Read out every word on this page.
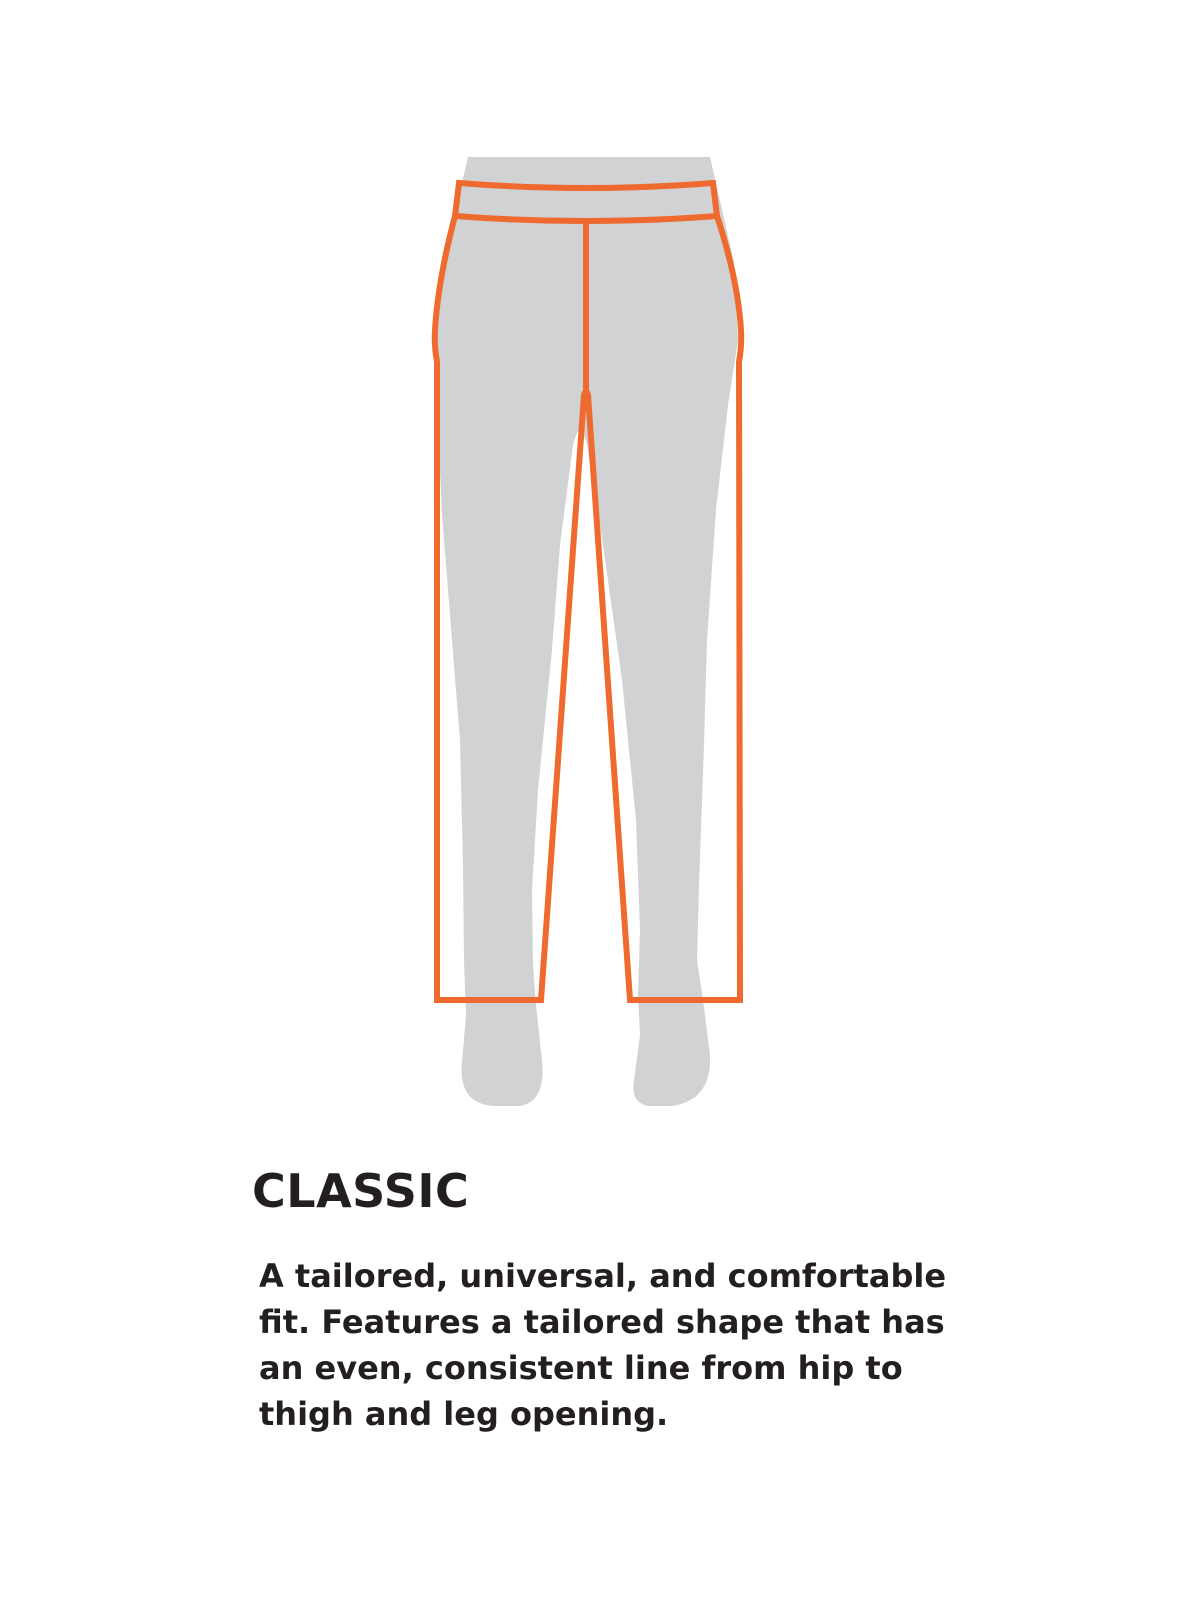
CLASSIC

A tailored, universal, and comfortable fit. Features a tailored shape that has an even, consistent line from hip to thigh and leg opening.
